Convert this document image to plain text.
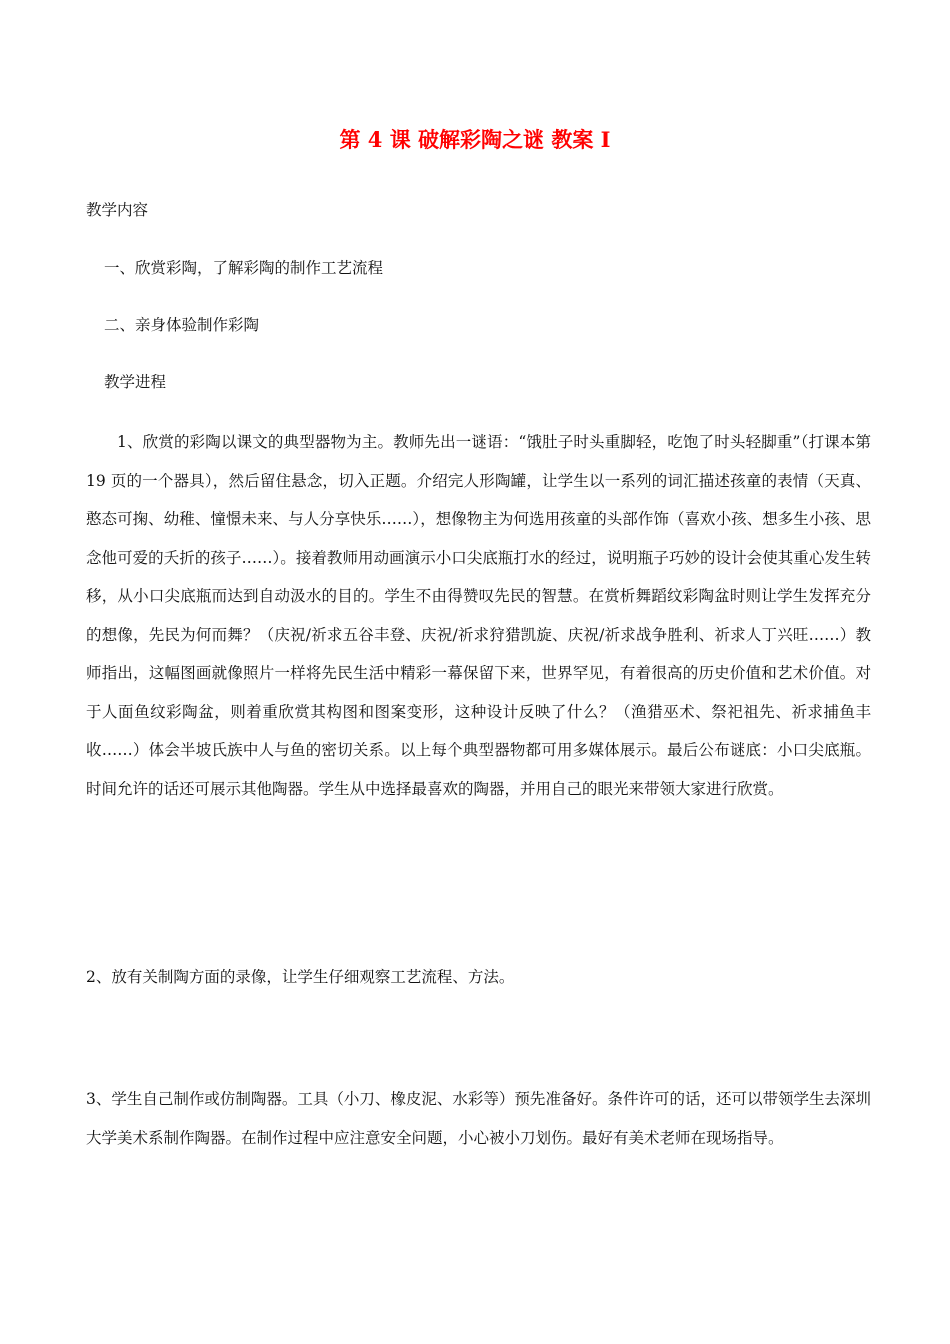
第 4 课 破解彩陶之谜 教案 I
教学内容
一、欣赏彩陶，了解彩陶的制作工艺流程
二、亲身体验制作彩陶
教学进程
1、欣赏的彩陶以课文的典型器物为主。教师先出一谜语：“饿肚子时头重脚轻，吃饱了时头轻脚重”（打课本第 19 页的一个器具），然后留住悬念，切入正题。介绍完人形陶罐，让学生以一系列的词汇描述孩童的表情（天真、憨态可掬、幼稚、憧憬未来、与人分享快乐……），想像物主为何选用孩童的头部作饰（喜欢小孩、想多生小孩、思念他可爱的夭折的孩子……）。接着教师用动画演示小口尖底瓶打水的经过，说明瓶子巧妙的设计会使其重心发生转移，从小口尖底瓶而达到自动汲水的目的。学生不由得赞叹先民的智慧。在赏析舞蹈纹彩陶盆时则让学生发挥充分的想像，先民为何而舞？（庆祝/祈求五谷丰登、庆祝/祈求狩猎凯旋、庆祝/祈求战争胜利、祈求人丁兴旺……）教师指出，这幅图画就像照片一样将先民生活中精彩一幕保留下来，世界罕见，有着很高的历史价值和艺术价值。对于人面鱼纹彩陶盆，则着重欣赏其构图和图案变形，这种设计反映了什么？（渔猎巫术、祭祀祖先、祈求捕鱼丰收……）体会半坡氏族中人与鱼的密切关系。以上每个典型器物都可用多媒体展示。最后公布谜底：小口尖底瓶。时间允许的话还可展示其他陶器。学生从中选择最喜欢的陶器，并用自己的眼光来带领大家进行欣赏。
2、放有关制陶方面的录像，让学生仔细观察工艺流程、方法。
3、学生自己制作或仿制陶器。工具（小刀、橡皮泥、水彩等）预先准备好。条件许可的话，还可以带领学生去深圳大学美术系制作陶器。在制作过程中应注意安全问题，小心被小刀划伤。最好有美术老师在现场指导。
